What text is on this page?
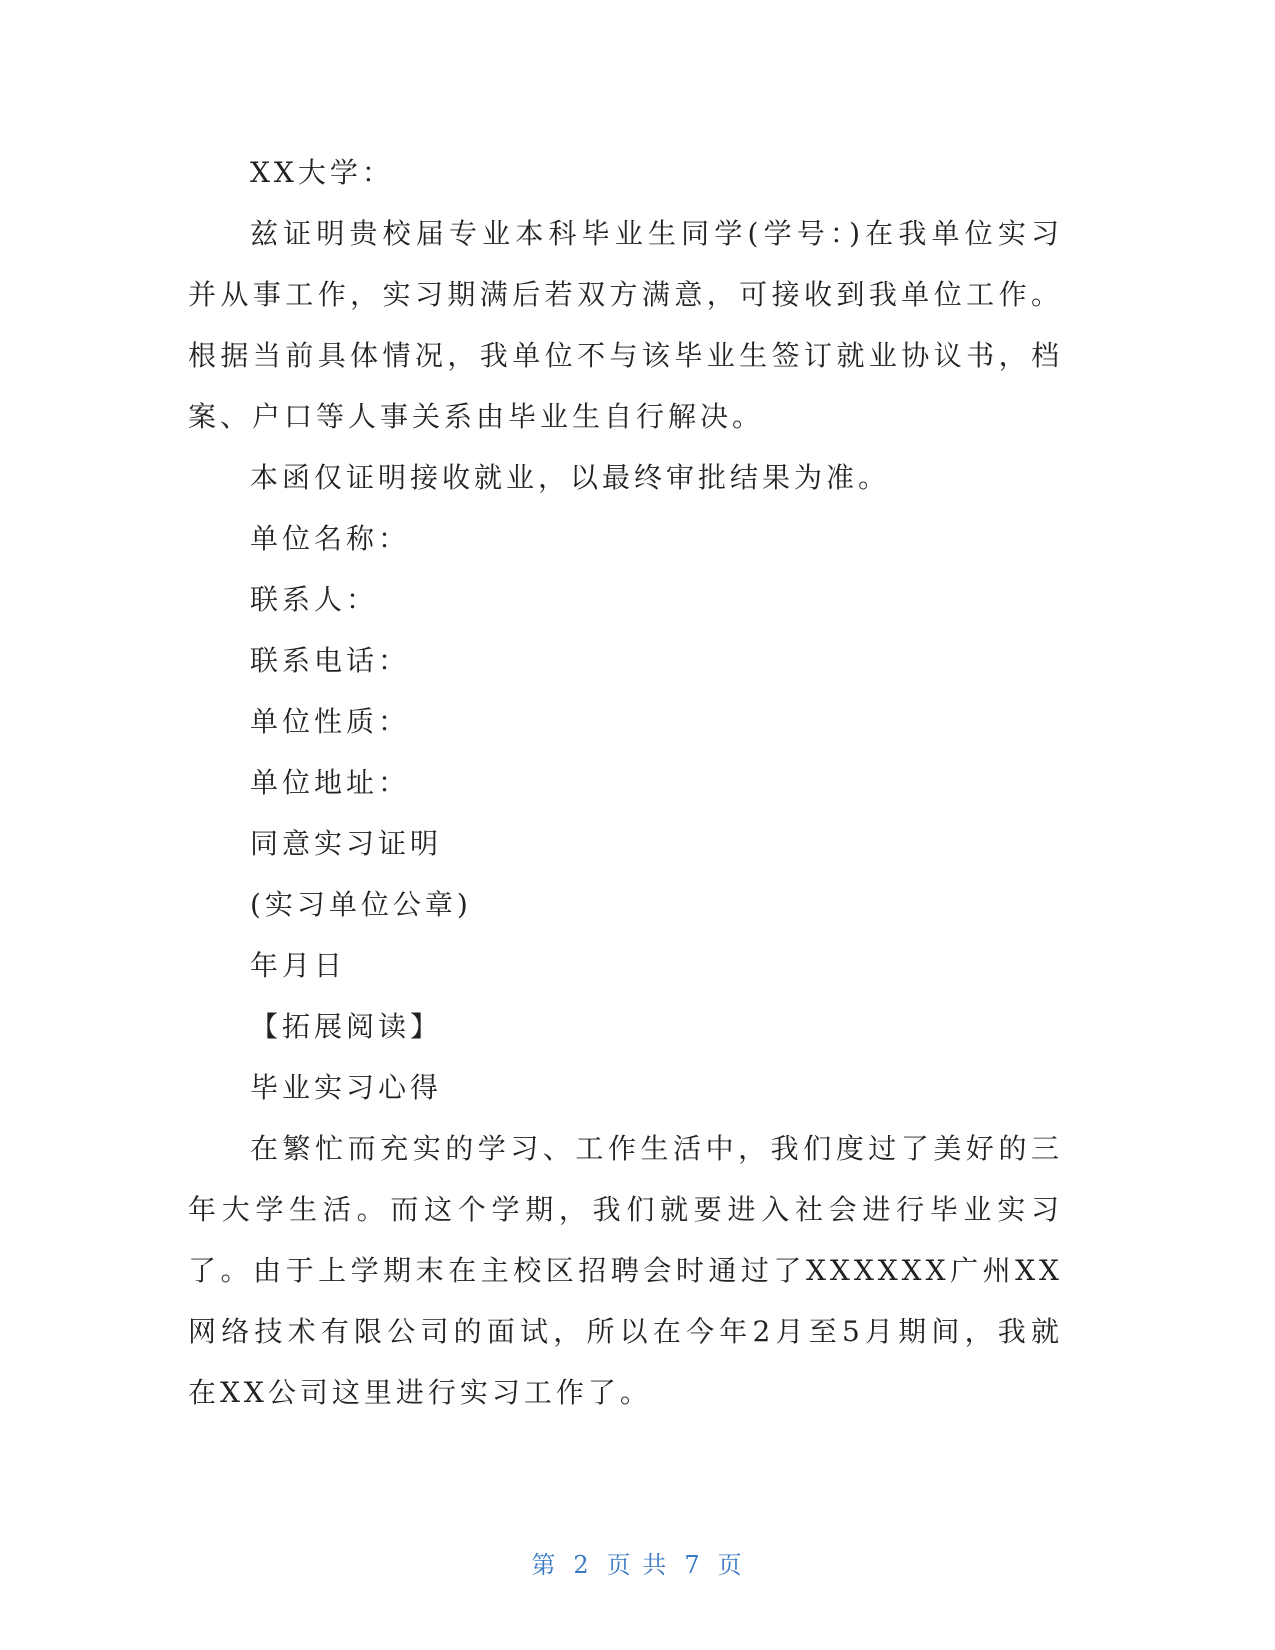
XX大学：

兹证明贵校届专业本科毕业生同学(学号：)在我单位实习并从事工作，实习期满后若双方满意，可接收到我单位工作。根据当前具体情况，我单位不与该毕业生签订就业协议书，档案、户口等人事关系由毕业生自行解决。

本函仅证明接收就业，以最终审批结果为准。

单位名称：

联系人：

联系电话：

单位性质：

单位地址：

同意实习证明

(实习单位公章)

年月日

【拓展阅读】

毕业实习心得

在繁忙而充实的学习、工作生活中，我们度过了美好的三年大学生活。而这个学期，我们就要进入社会进行毕业实习了。由于上学期末在主校区招聘会时通过了XXXXXX广州XX网络技术有限公司的面试，所以在今年2月至5月期间，我就在XX公司这里进行实习工作了。

第 2 页 共 7 页
